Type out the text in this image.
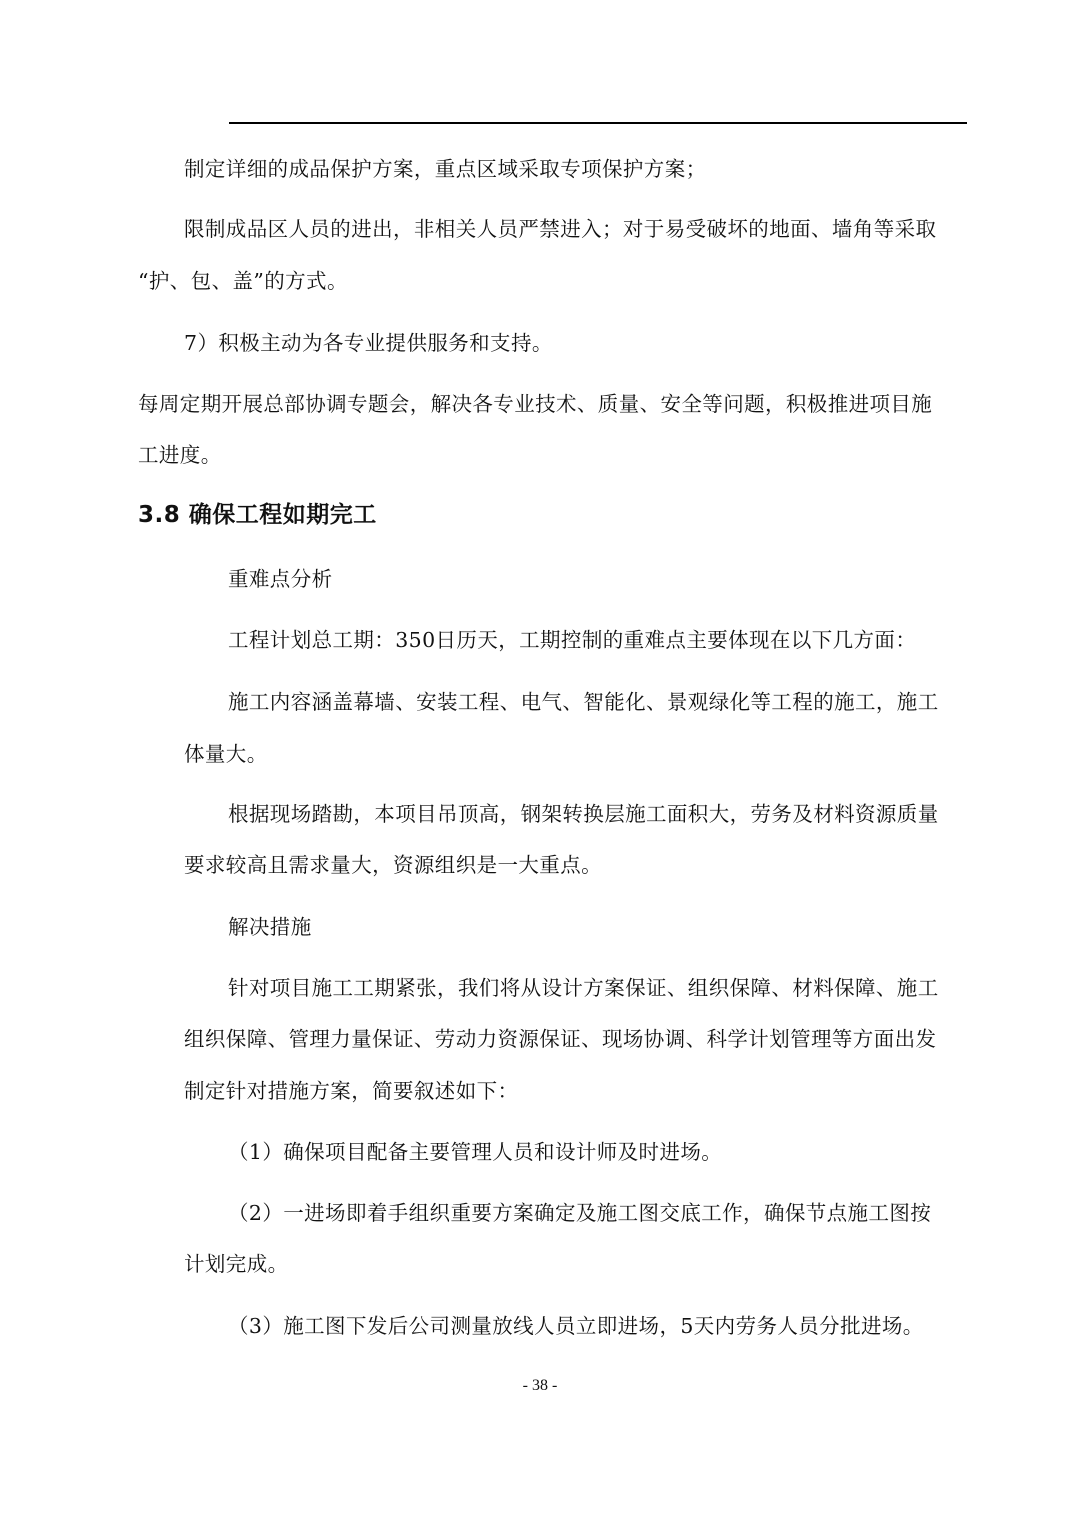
制定详细的成品保护方案，重点区域采取专项保护方案；
限制成品区人员的进出，非相关人员严禁进入；对于易受破坏的地面、墙角等采取
“护、包、盖”的方式。
7）积极主动为各专业提供服务和支持。
每周定期开展总部协调专题会，解决各专业技术、质量、安全等问题，积极推进项目施
工进度。
3.8 确保工程如期完工
重难点分析
工程计划总工期：350日历天，工期控制的重难点主要体现在以下几方面：
施工内容涵盖幕墙、安装工程、电气、智能化、景观绿化等工程的施工，施工
体量大。
根据现场踏勘，本项目吊顶高，钢架转换层施工面积大，劳务及材料资源质量
要求较高且需求量大，资源组织是一大重点。
解决措施
针对项目施工工期紧张，我们将从设计方案保证、组织保障、材料保障、施工
组织保障、管理力量保证、劳动力资源保证、现场协调、科学计划管理等方面出发
制定针对措施方案，简要叙述如下：
（1）确保项目配备主要管理人员和设计师及时进场。
（2）一进场即着手组织重要方案确定及施工图交底工作，确保节点施工图按
计划完成。
（3）施工图下发后公司测量放线人员立即进场，5天内劳务人员分批进场。
- 38 -
